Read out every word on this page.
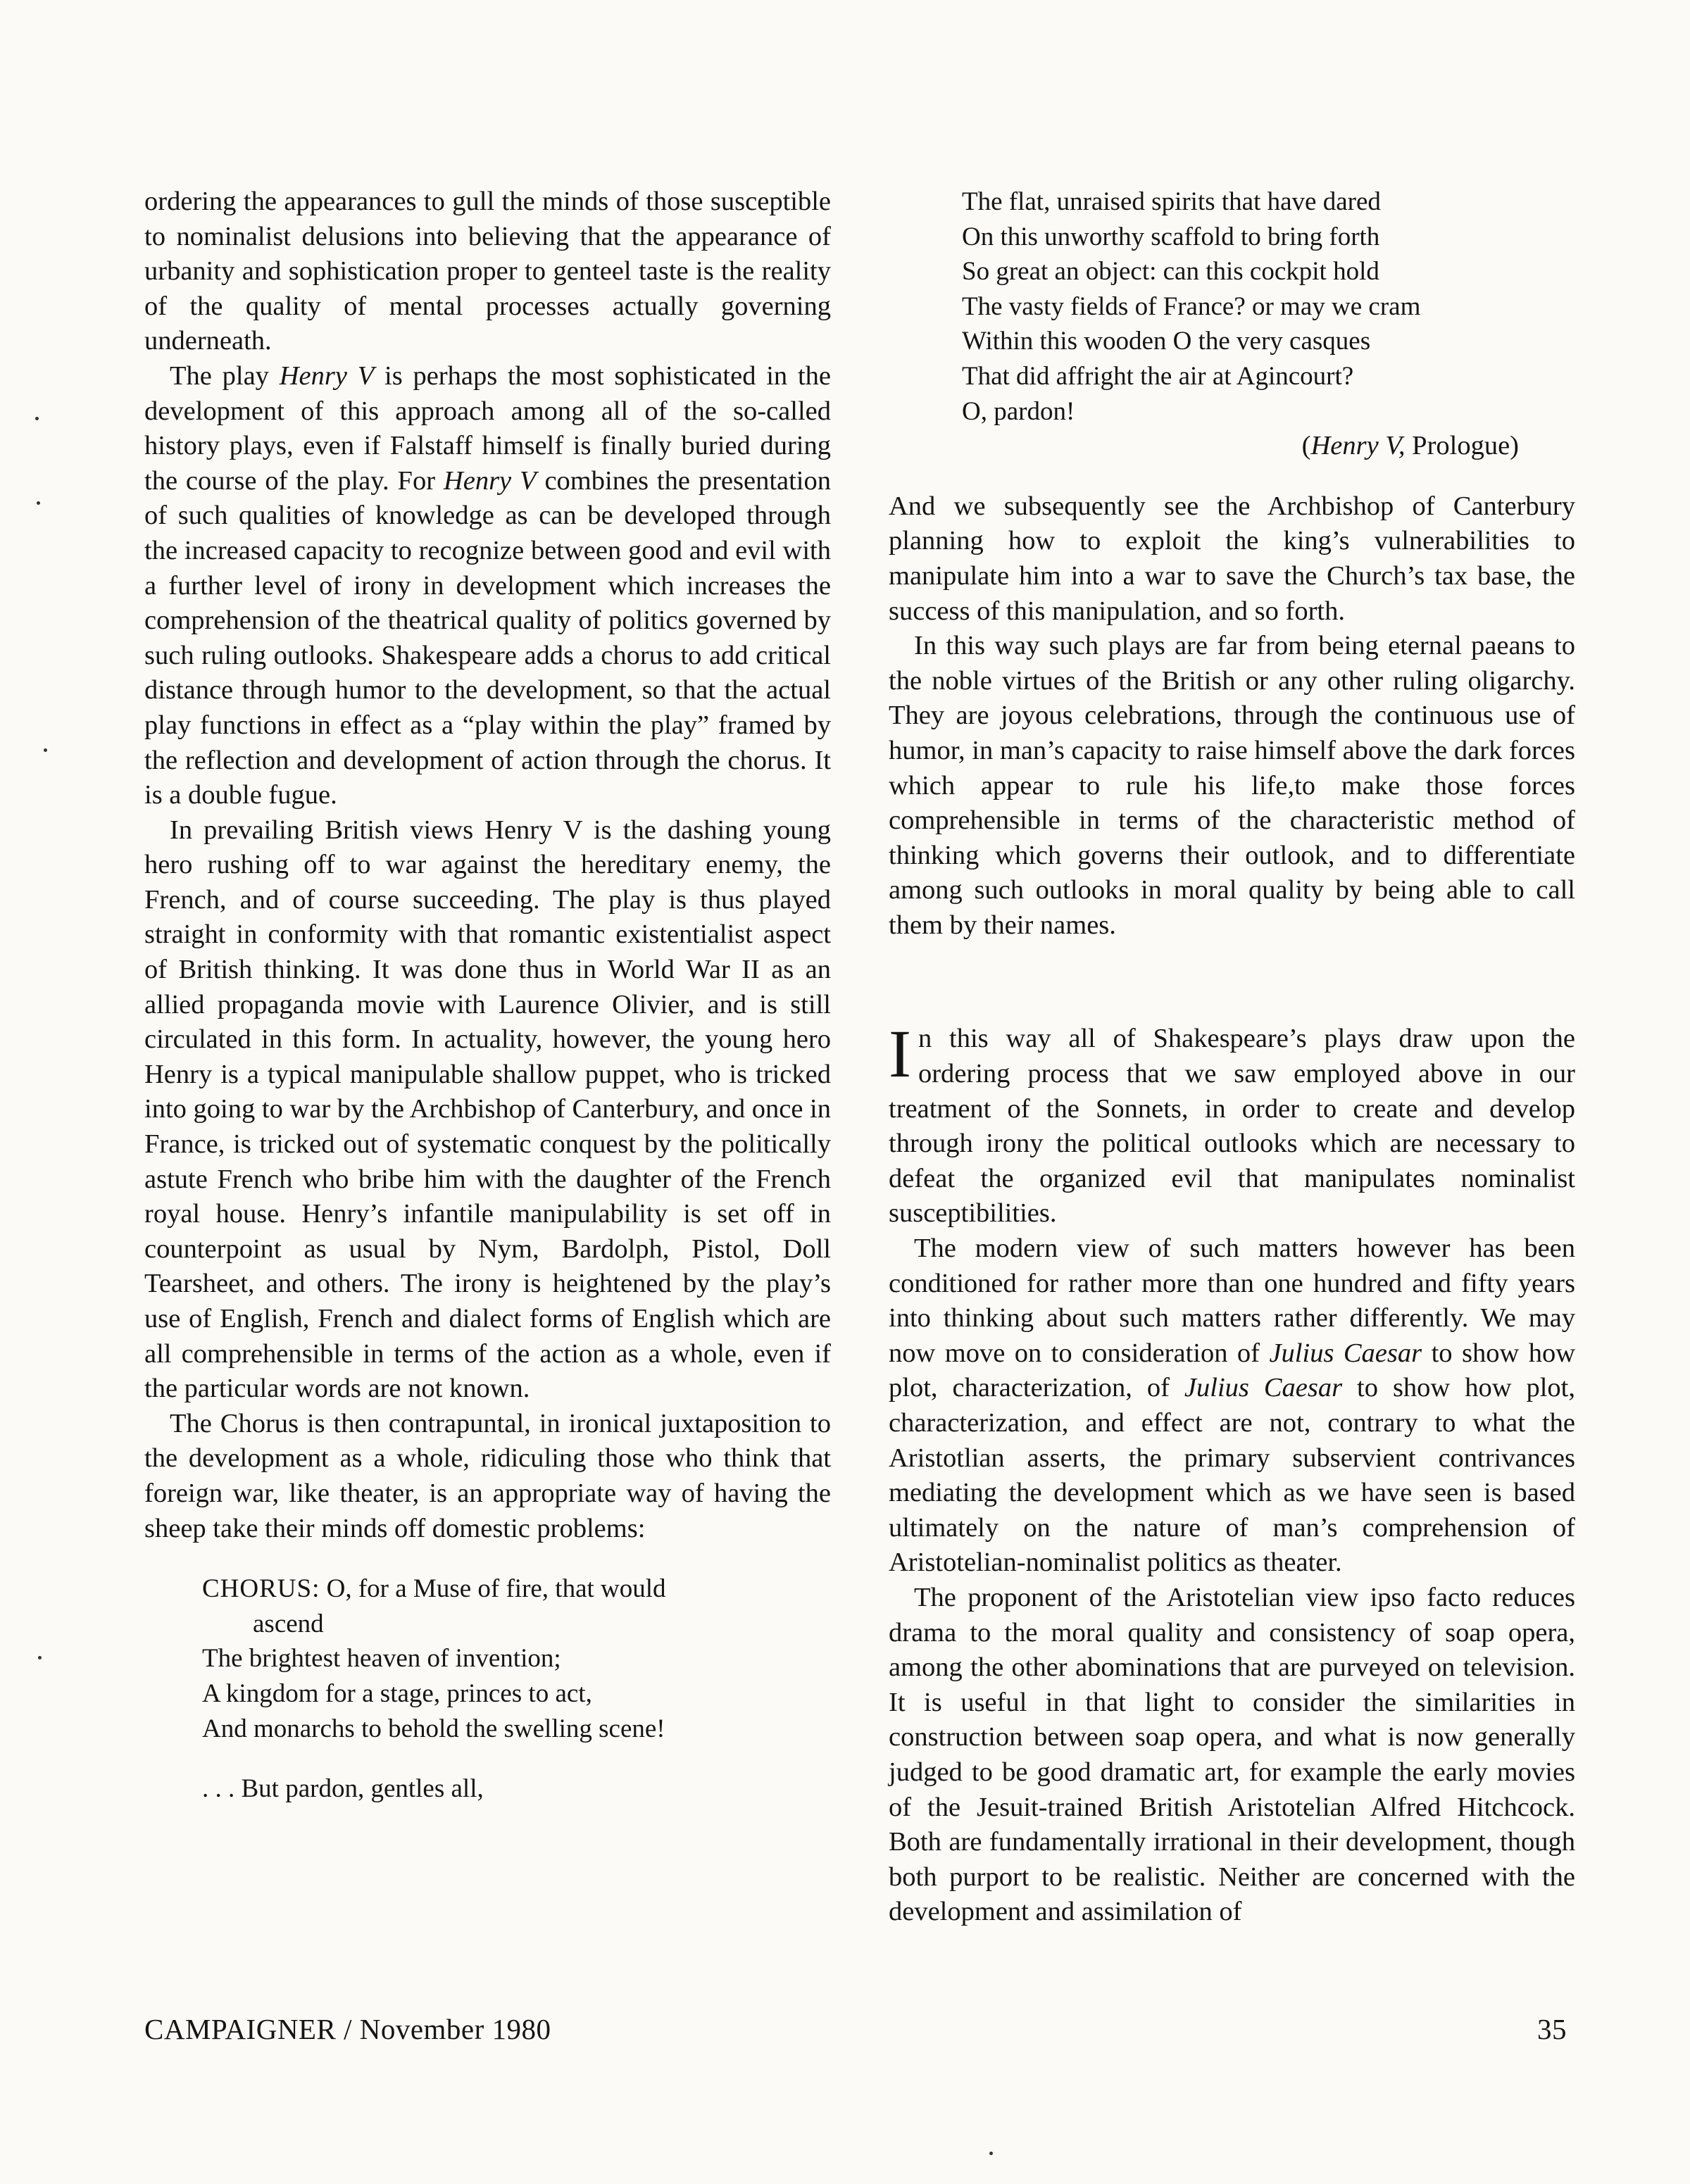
ordering the appearances to gull the minds of those susceptible to nominalist delusions into believing that the appearance of urbanity and sophistication proper to genteel taste is the reality of the quality of mental processes actually governing underneath.

The play Henry V is perhaps the most sophisticated in the development of this approach among all of the so-called history plays, even if Falstaff himself is finally buried during the course of the play. For Henry V combines the presentation of such qualities of knowledge as can be developed through the increased capacity to recognize between good and evil with a further level of irony in development which increases the comprehension of the theatrical quality of politics governed by such ruling outlooks. Shakespeare adds a chorus to add critical distance through humor to the development, so that the actual play functions in effect as a “play within the play” framed by the reflection and development of action through the chorus. It is a double fugue.

In prevailing British views Henry V is the dashing young hero rushing off to war against the hereditary enemy, the French, and of course succeeding. The play is thus played straight in conformity with that romantic existentialist aspect of British thinking. It was done thus in World War II as an allied propaganda movie with Laurence Olivier, and is still circulated in this form. In actuality, however, the young hero Henry is a typical manipulable shallow puppet, who is tricked into going to war by the Archbishop of Canterbury, and once in France, is tricked out of systematic conquest by the politically astute French who bribe him with the daughter of the French royal house. Henry’s infantile manipulability is set off in counterpoint as usual by Nym, Bardolph, Pistol, Doll Tearsheet, and others. The irony is heightened by the play’s use of English, French and dialect forms of English which are all comprehensible in terms of the action as a whole, even if the particular words are not known.

The Chorus is then contrapuntal, in ironical juxtaposition to the development as a whole, ridiculing those who think that foreign war, like theater, is an appropriate way of having the sheep take their minds off domestic problems:

CHORUS: O, for a Muse of fire, that would
ascend
The brightest heaven of invention;
A kingdom for a stage, princes to act,
And monarchs to behold the swelling scene!
. . . But pardon, gentles all,
The flat, unraised spirits that have dared
On this unworthy scaffold to bring forth
So great an object: can this cockpit hold
The vasty fields of France? or may we cram
Within this wooden O the very casques
That did affright the air at Agincourt?
O, pardon!
(Henry V, Prologue)

And we subsequently see the Archbishop of Canterbury planning how to exploit the king’s vulnerabilities to manipulate him into a war to save the Church’s tax base, the success of this manipulation, and so forth.

In this way such plays are far from being eternal paeans to the noble virtues of the British or any other ruling oligarchy. They are joyous celebrations, through the continuous use of humor, in man’s capacity to raise himself above the dark forces which appear to rule his life,to make those forces comprehensible in terms of the characteristic method of thinking which governs their outlook, and to differentiate among such outlooks in moral quality by being able to call them by their names.

In this way all of Shakespeare’s plays draw upon the ordering process that we saw employed above in our treatment of the Sonnets, in order to create and develop through irony the political outlooks which are necessary to defeat the organized evil that manipulates nominalist susceptibilities.

The modern view of such matters however has been conditioned for rather more than one hundred and fifty years into thinking about such matters rather differently. We may now move on to consideration of Julius Caesar to show how plot, characterization, of Julius Caesar to show how plot, characterization, and effect are not, contrary to what the Aristotlian asserts, the primary subservient contrivances mediating the development which as we have seen is based ultimately on the nature of man’s comprehension of Aristotelian-nominalist politics as theater.

The proponent of the Aristotelian view ipso facto reduces drama to the moral quality and consistency of soap opera, among the other abominations that are purveyed on television. It is useful in that light to consider the similarities in construction between soap opera, and what is now generally judged to be good dramatic art, for example the early movies of the Jesuit-trained British Aristotelian Alfred Hitchcock. Both are fundamentally irrational in their development, though both purport to be realistic. Neither are concerned with the development and assimilation of

CAMPAIGNER / November 1980	35
